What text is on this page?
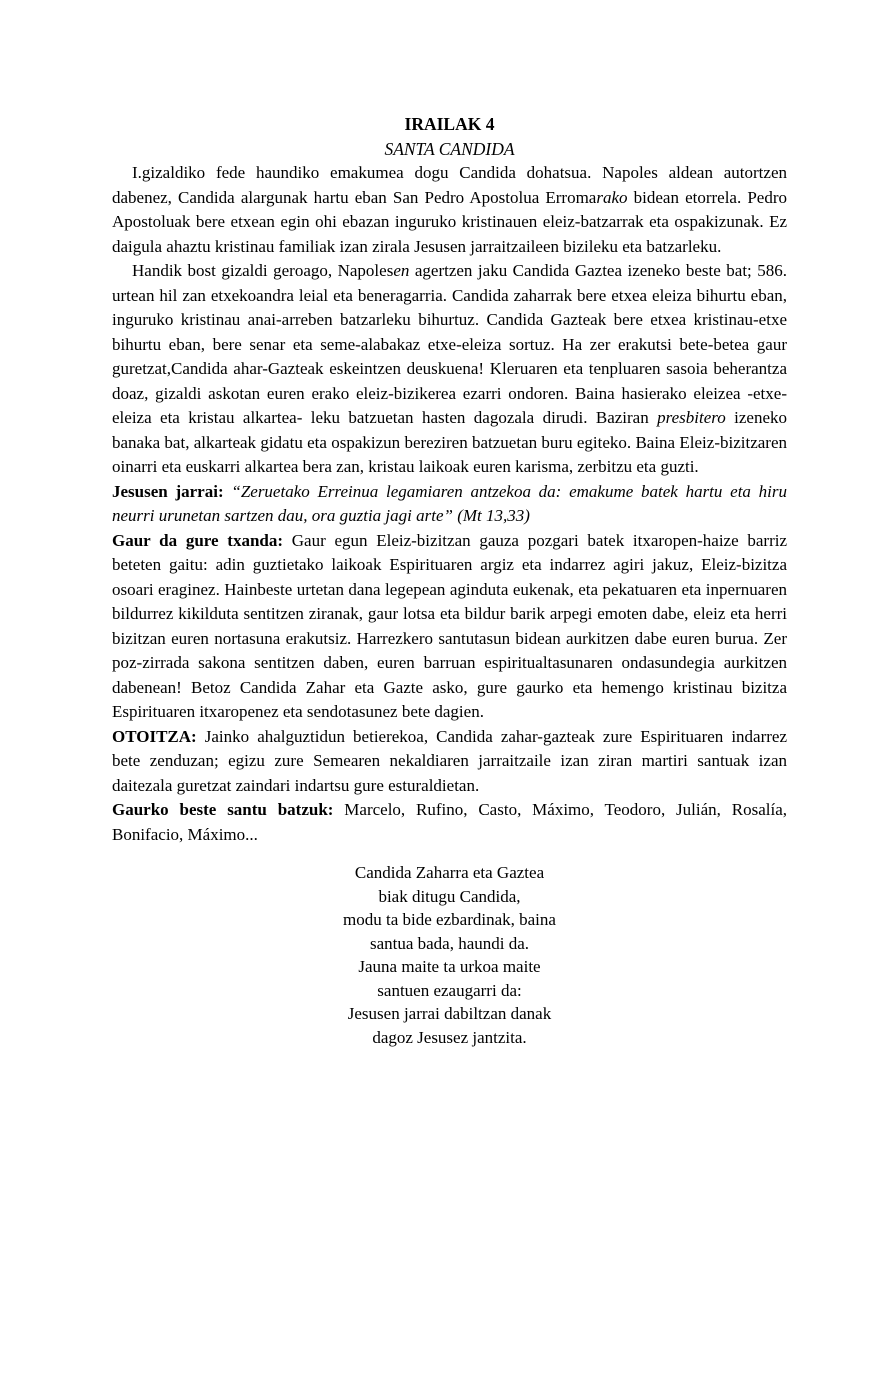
IRAILAK 4
SANTA CANDIDA

I.gizaldiko fede haundiko emakumea dogu Candida dohatsua. Napoles aldean autortzen dabenez, Candida alargunak hartu eban San Pedro Apostolua Erromarako bidean etorrela. Pedro Apostoluak bere etxean egin ohi ebazan inguruko kristinauen eleiz-batzarrak eta ospakizunak. Ez daigula ahaztu kristinau familiak izan zirala Jesusen jarraitzaileen bizileku eta batzarleku.

Handik bost gizaldi geroago, Napolesen agertzen jaku Candida Gaztea izeneko beste bat; 586. urtean hil zan etxekoandra leial eta beneragarria. Candida zaharrak bere etxea eleiza bihurtu eban, inguruko kristinau anai-arreben batzarleku bihurtuz. Candida Gazteak bere etxea kristinau-etxe bihurtu eban, bere senar eta seme-alabakaz etxe-eleiza sortuz. Ha zer erakutsi bete-betea gaur guretzat,Candida ahar-Gazteak eskeintzen deuskuena! Kleruaren eta tenpluaren sasoia beherantza doaz, gizaldi askotan euren erako eleiz-bizikerea ezarri ondoren. Baina hasierako eleizea -etxe-eleiza eta kristau alkartea- leku batzuetan hasten dagozala dirudi. Baziran presbitero izeneko banaka bat, alkarteak gidatu eta ospakizun bereziren batzuetan buru egiteko. Baina Eleiz-bizitzaren oinarri eta euskarri alkartea bera zan, kristau laikoak euren karisma, zerbitzu eta guzti.

Jesusen jarrai: “Zeruetako Erreinua legamiaren antzekoa da: emakume batek hartu eta hiru neurri urunetan sartzen dau, ora guztia jagi arte” (Mt 13,33)

Gaur da gure txanda: Gaur egun Eleiz-bizitzan gauza pozgari batek itxaropen-haize barriz beteten gaitu: adin guztietako laikoak Espirituaren argiz eta indarrez agiri jakuz, Eleiz-bizitza osoari eraginez. Hainbeste urtetan dana legepean aginduta eukenak, eta pekatuaren eta inpernuaren bildurrez kikilduta sentitzen ziranak, gaur lotsa eta bildur barik arpegi emoten dabe, eleiz eta herri bizitzan euren nortasuna erakutsiz. Harrezkero santutasun bidean aurkitzen dabe euren burua. Zer poz-zirrada sakona sentitzen daben, euren barruan espiritualtasunaren ondasundegia aurkitzen dabenean! Betoz Candida Zahar eta Gazte asko, gure gaurko eta hemengo kristinau bizitza Espirituaren itxaropenez eta sendotasunez bete dagien.

OTOITZA: Jainko ahalguztidun betierekoa, Candida zahar-gazteak zure Espirituaren indarrez bete zenduzan; egizu zure Semearen nekaldiaren jarraitzaile izan ziran martiri santuak izan daitezala guretzat zaindari indartsu gure esturaldietan.

Gaurko beste santu batzuk: Marcelo, Rufino, Casto, Máximo, Teodoro, Julián, Rosalía, Bonifacio, Máximo...

Candida Zaharra eta Gaztea
biak ditugu Candida,
modu ta bide ezbardinak, baina
santua bada, haundi da.
Jauna maite ta urkoa maite
santuen ezaugarri da:
Jesusen jarrai dabiltzan danak
dagoz Jesusez jantzita.
